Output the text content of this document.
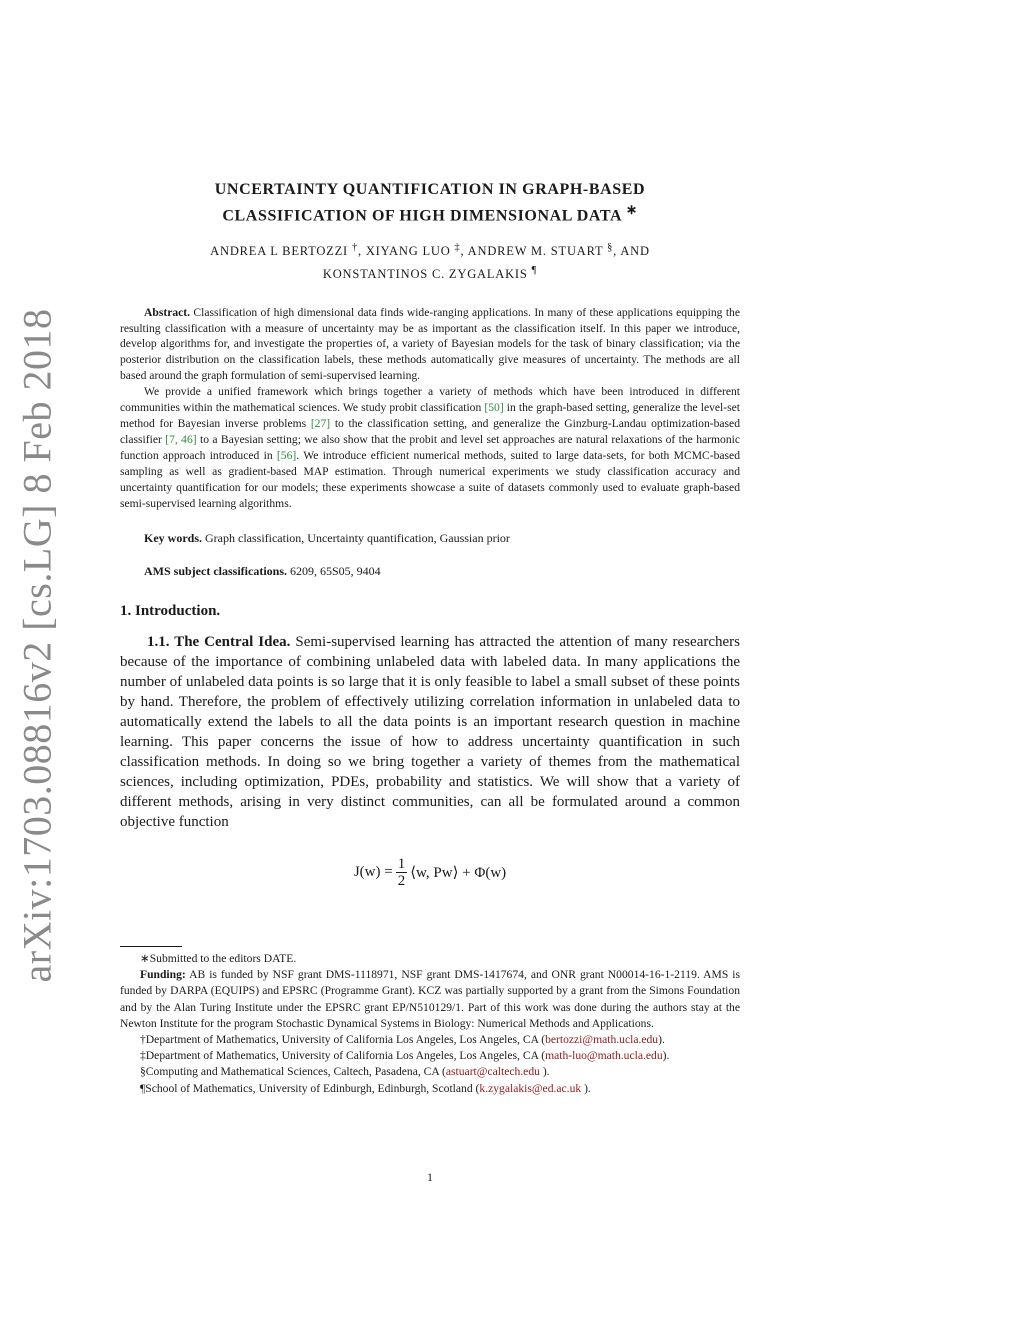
arXiv:1703.08816v2 [cs.LG] 8 Feb 2018
UNCERTAINTY QUANTIFICATION IN GRAPH-BASED
CLASSIFICATION OF HIGH DIMENSIONAL DATA ∗
ANDREA L BERTOZZI †, XIYANG LUO ‡, ANDREW M. STUART §, AND
KONSTANTINOS C. ZYGALAKIS ¶

Abstract. Classification of high dimensional data finds wide-ranging applications. In many of these applications equipping the resulting classification with a measure of uncertainty may be as important as the classification itself. In this paper we introduce, develop algorithms for, and investigate the properties of, a variety of Bayesian models for the task of binary classification; via the posterior distribution on the classification labels, these methods automatically give measures of uncertainty. The methods are all based around the graph formulation of semi-supervised learning.

We provide a unified framework which brings together a variety of methods which have been introduced in different communities within the mathematical sciences. We study probit classification [50] in the graph-based setting, generalize the level-set method for Bayesian inverse problems [27] to the classification setting, and generalize the Ginzburg-Landau optimization-based classifier [7, 46] to a Bayesian setting; we also show that the probit and level set approaches are natural relaxations of the harmonic function approach introduced in [56]. We introduce efficient numerical methods, suited to large data-sets, for both MCMC-based sampling as well as gradient-based MAP estimation. Through numerical experiments we study classification accuracy and uncertainty quantification for our models; these experiments showcase a suite of datasets commonly used to evaluate graph-based semi-supervised learning algorithms.

Key words. Graph classification, Uncertainty quantification, Gaussian prior
AMS subject classifications. 6209, 65S05, 9404
1. Introduction.
1.1. The Central Idea. Semi-supervised learning has attracted the attention of many researchers because of the importance of combining unlabeled data with labeled data. In many applications the number of unlabeled data points is so large that it is only feasible to label a small subset of these points by hand. Therefore, the problem of effectively utilizing correlation information in unlabeled data to automatically extend the labels to all the data points is an important research question in machine learning. This paper concerns the issue of how to address uncertainty quantification in such classification methods. In doing so we bring together a variety of themes from the mathematical sciences, including optimization, PDEs, probability and statistics. We will show that a variety of different methods, arising in very distinct communities, can all be formulated around a common objective function
$J(w) = \frac{1}{2}$ ⟨w, Pw⟩ + Φ(w)

∗Submitted to the editors DATE.

Funding: AB is funded by NSF grant DMS-1118971, NSF grant DMS-1417674, and ONR grant N00014-16-1-2119. AMS is funded by DARPA (EQUIPS) and EPSRC (Programme Grant). KCZ was partially supported by a grant from the Simons Foundation and by the Alan Turing Institute under the EPSRC grant EP/N510129/1. Part of this work was done during the authors stay at the Newton Institute for the program Stochastic Dynamical Systems in Biology: Numerical Methods and Applications.

†Department of Mathematics, University of California Los Angeles, Los Angeles, CA (bertozzi@math.ucla.edu).

‡Department of Mathematics, University of California Los Angeles, Los Angeles, CA (math-luo@math.ucla.edu).

§Computing and Mathematical Sciences, Caltech, Pasadena, CA (astuart@caltech.edu ).

¶School of Mathematics, University of Edinburgh, Edinburgh, Scotland (k.zygalakis@ed.ac.uk ).

1
